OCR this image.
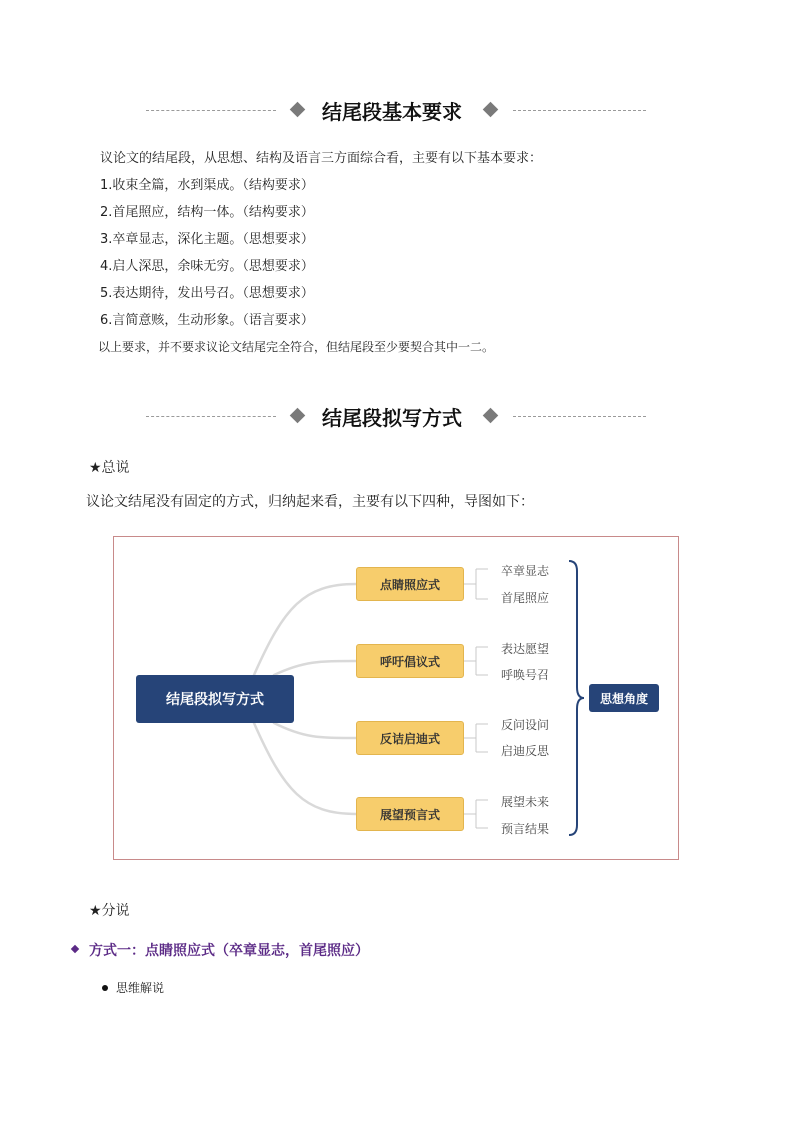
结尾段基本要求
议论文的结尾段，从思想、结构及语言三方面综合看，主要有以下基本要求：
1.收束全篇，水到渠成。（结构要求）
2.首尾照应，结构一体。（结构要求）
3.卒章显志，深化主题。（思想要求）
4.启人深思，余味无穷。（思想要求）
5.表达期待，发出号召。（思想要求）
6.言简意赅，生动形象。（语言要求）
以上要求，并不要求议论文结尾完全符合，但结尾段至少要契合其中一二。
结尾段拟写方式
★总说
议论文结尾没有固定的方式，归纳起来看，主要有以下四种，导图如下：
结尾段拟写方式
点睛照应式
呼吁倡议式
反诘启迪式
展望预言式
卒章显志
首尾照应
表达愿望
呼唤号召
反问设问
启迪反思
展望未来
预言结果
思想角度
★分说
方式一：点睛照应式（卒章显志，首尾照应）
思维解说
